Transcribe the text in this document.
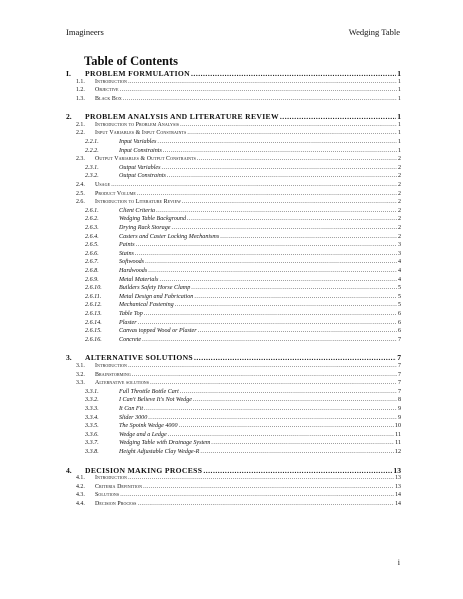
Imagineers	Wedging Table
Table of Contents
I.	PROBLEM FORMULATION .....	1
1.1.	Introduction .....	1
1.2.	Objective .....	1
1.3.	Black Box .....	1
2.	PROBLEM ANALYSIS AND LITERATURE REVIEW .....	1
2.1.	Introduction to Problem Analysis .....	1
2.2.	Input Variables & Input Constraints .....	1
2.2.1.	Input Variables .....	1
2.2.2.	Input Constraints .....	1
2.3.	Output Variables & Output Constraints .....	2
2.3.1.	Output Variables .....	2
2.3.2.	Output Constraints .....	2
2.4.	Usage .....	2
2.5.	Product Volume .....	2
2.6.	Introduction to Literature Review .....	2
2.6.1.	Client Criteria .....	2
2.6.2.	Wedging Table Background .....	2
2.6.3.	Drying Rack Storage .....	2
2.6.4.	Casters and Caster Locking Mechanisms .....	2
2.6.5.	Paints .....	3
2.6.6.	Stains .....	3
2.6.7.	Softwoods .....	4
2.6.8.	Hardwoods .....	4
2.6.9.	Metal Materials .....	4
2.6.10.	Builders Safety Horse Clamp .....	5
2.6.11.	Metal Design and Fabrication .....	5
2.6.12.	Mechanical Fastening .....	5
2.6.13.	Table Top .....	6
2.6.14.	Plaster .....	6
2.6.15.	Canvas topped Wood or Plaster .....	6
2.6.16.	Concrete .....	7
3.	ALTERNATIVE SOLUTIONS .....	7
3.1.	Introduction .....	7
3.2.	Brainstorming .....	7
3.3.	Alternative solutions .....	7
3.3.1.	Full Throttle Bottle Cart .....	7
3.3.2.	I Can't Believe It's Not Wedge .....	8
3.3.3.	It Can Fit .....	9
3.3.4.	Slider 3000 .....	9
3.3.5.	The Spoink Wedge 4000 .....	10
3.3.6.	Wedge and a Ledge .....	11
3.3.7.	Wedging Table with Drainage System .....	11
3.3.8.	Height Adjustable Clay Wedge-R .....	12
4.	DECISION MAKING PROCESS .....	13
4.1.	Introduction .....	13
4.2.	Criteria Definition .....	13
4.3.	Solutions .....	14
4.4.	Decision Process .....	14
i
